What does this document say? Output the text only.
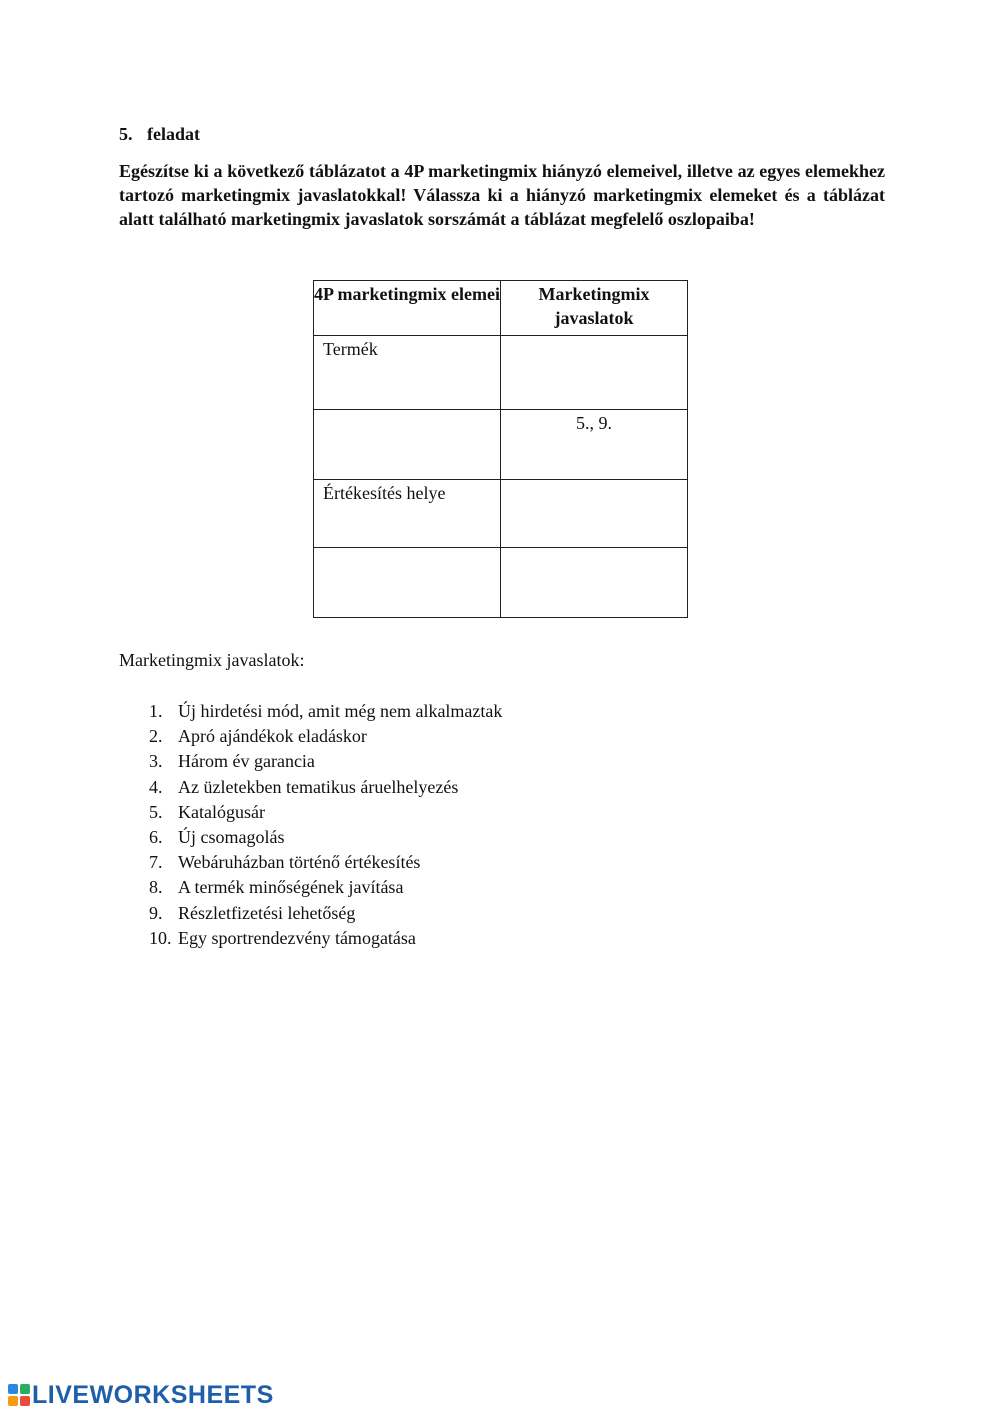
5. feladat
Egészítse ki a következő táblázatot a 4P marketingmix hiányzó elemeivel, illetve az egyes elemekhez tartozó marketingmix javaslatokkal! Válassza ki a hiányzó marketingmix elemeket és a táblázat alatt található marketingmix javaslatok sorszámát a táblázat megfelelő oszlopaiba!
4P marketingmix elemei	Marketingmix javaslatok
Termék	
	5., 9.
Értékesítés helye	

Marketingmix javaslatok:
1. Új hirdetési mód, amit még nem alkalmaztak
2. Apró ajándékok eladáskor
3. Három év garancia
4. Az üzletekben tematikus áruelhelyezés
5. Katalógusár
6. Új csomagolás
7. Webáruházban történő értékesítés
8. A termék minőségének javítása
9. Részletfizetési lehetőség
10. Egy sportrendezvény támogatása
LIVEWORKSHEETS
